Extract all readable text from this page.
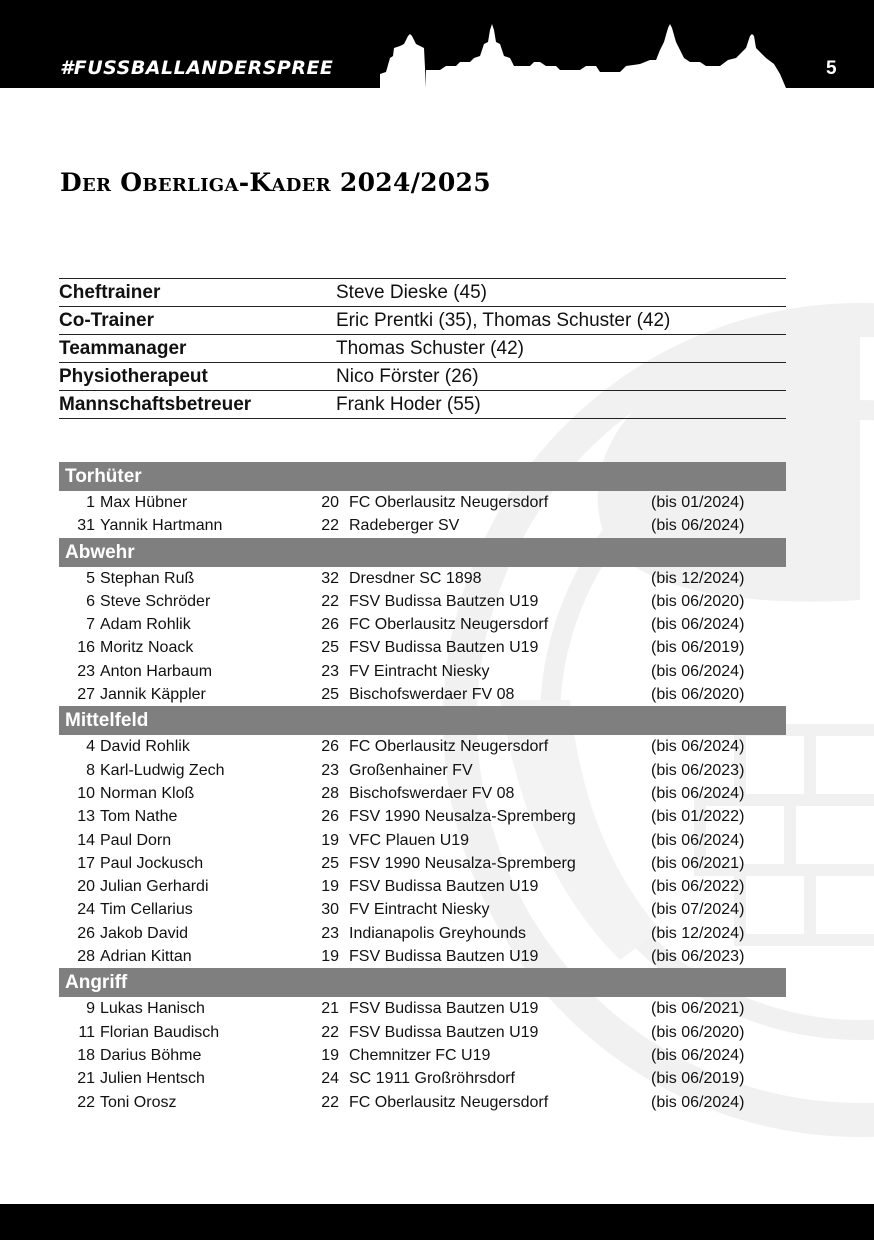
#FUSSBALLANDERSPREE	5
Der Oberliga-Kader 2024/2025
Cheftrainer	Steve Dieske (45)
Co-Trainer	Eric Prentki (35), Thomas Schuster (42)
Teammanager	Thomas Schuster (42)
Physiotherapeut	Nico Förster (26)
Mannschaftsbetreuer	Frank Hoder (55)
Torhüter
1 Max Hübner	20 FC Oberlausitz Neugersdorf	(bis 01/2024)
31 Yannik Hartmann	22 Radeberger SV	(bis 06/2024)
Abwehr
5 Stephan Ruß	32 Dresdner SC 1898	(bis 12/2024)
6 Steve Schröder	22 FSV Budissa Bautzen U19	(bis 06/2020)
7 Adam Rohlik	26 FC Oberlausitz Neugersdorf	(bis 06/2024)
16 Moritz Noack	25 FSV Budissa Bautzen U19	(bis 06/2019)
23 Anton Harbaum	23 FV Eintracht Niesky	(bis 06/2024)
27 Jannik Käppler	25 Bischofswerdaer FV 08	(bis 06/2020)
Mittelfeld
4 David Rohlik	26 FC Oberlausitz Neugersdorf	(bis 06/2024)
8 Karl-Ludwig Zech	23 Großenhainer FV	(bis 06/2023)
10 Norman Kloß	28 Bischofswerdaer FV 08	(bis 06/2024)
13 Tom Nathe	26 FSV 1990 Neusalza-Spremberg	(bis 01/2022)
14 Paul Dorn	19 VFC Plauen U19	(bis 06/2024)
17 Paul Jockusch	25 FSV 1990 Neusalza-Spremberg	(bis 06/2021)
20 Julian Gerhardi	19 FSV Budissa Bautzen U19	(bis 06/2022)
24 Tim Cellarius	30 FV Eintracht Niesky	(bis 07/2024)
26 Jakob David	23 Indianapolis Greyhounds	(bis 12/2024)
28 Adrian Kittan	19 FSV Budissa Bautzen U19	(bis 06/2023)
Angriff
9 Lukas Hanisch	21 FSV Budissa Bautzen U19	(bis 06/2021)
11 Florian Baudisch	22 FSV Budissa Bautzen U19	(bis 06/2020)
18 Darius Böhme	19 Chemnitzer FC U19	(bis 06/2024)
21 Julien Hentsch	24 SC 1911 Großröhrsdorf	(bis 06/2019)
22 Toni Orosz	22 FC Oberlausitz Neugersdorf	(bis 06/2024)
